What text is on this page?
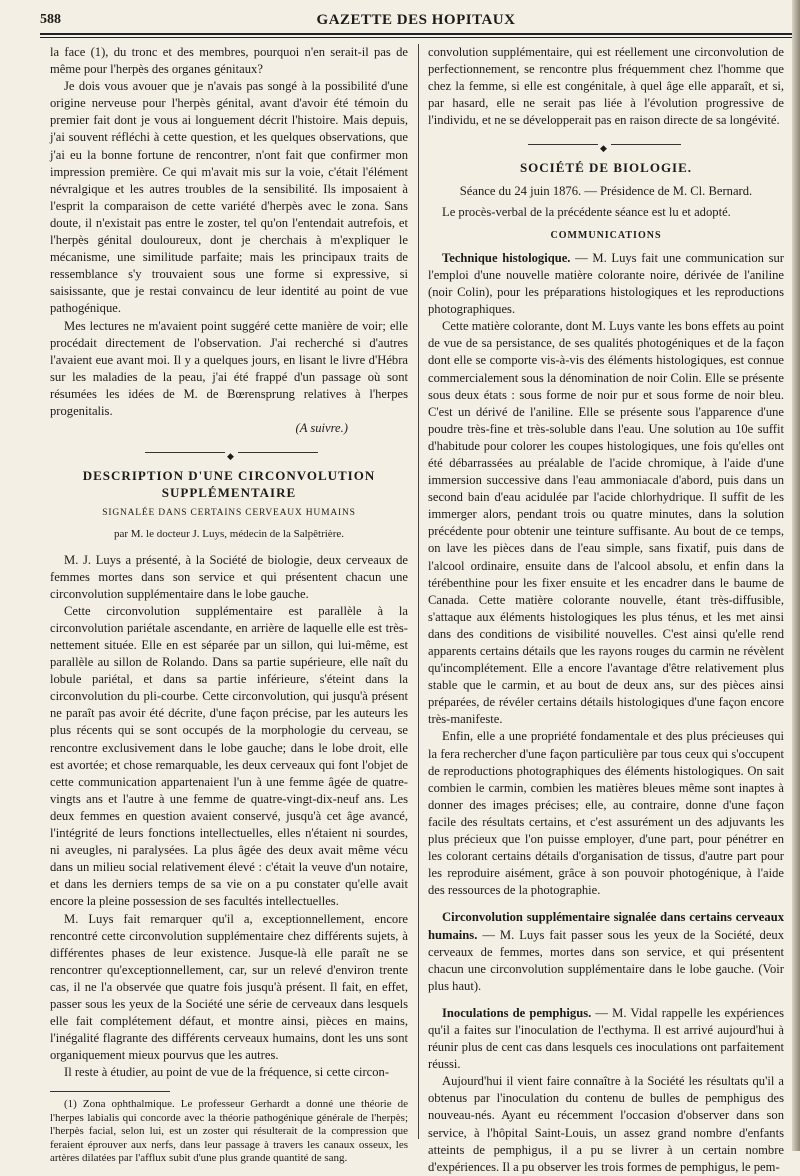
588	GAZETTE DES HOPITAUX

la face (1), du tronc et des membres, pourquoi n'en serait-il pas de même pour l'herpès des organes génitaux?

Je dois vous avouer que je n'avais pas songé à la possibilité d'une origine nerveuse pour l'herpès génital, avant d'avoir été témoin du premier fait dont je vous ai longuement décrit l'histoire. Mais depuis, j'ai souvent réfléchi à cette question, et les quelques observations, que j'ai eu la bonne fortune de rencontrer, n'ont fait que confirmer mon impression première. Ce qui m'avait mis sur la voie, c'était l'élément névralgique et les autres troubles de la sensibilité. Ils imposaient à l'esprit la comparaison de cette variété d'herpès avec le zona. Sans doute, il n'existait pas entre le zoster, tel qu'on l'entendait autrefois, et l'herpès génital douloureux, dont je cherchais à m'expliquer le mécanisme, une similitude parfaite; mais les principaux traits de ressemblance s'y trouvaient sous une forme si expressive, si saisissante, que je restai convaincu de leur identité au point de vue pathogénique.

Mes lectures ne m'avaient point suggéré cette manière de voir; elle procédait directement de l'observation. J'ai recherché si d'autres l'avaient eue avant moi. Il y a quelques jours, en lisant le livre d'Hébra sur les maladies de la peau, j'ai été frappé d'un passage où sont résumées les idées de M. de Bœrensprung relatives à l'herpes progenitalis.

(A suivre.)

◆
DESCRIPTION D'UNE CIRCONVOLUTION SUPPLÉMENTAIRE
SIGNALÉE DANS CERTAINS CERVEAUX HUMAINS
par M. le docteur J. Luys, médecin de la Salpêtrière.

M. J. Luys a présenté, à la Société de biologie, deux cerveaux de femmes mortes dans son service et qui présentent chacun une circonvolution supplémentaire dans le lobe gauche.

Cette circonvolution supplémentaire est parallèle à la circonvolution pariétale ascendante, en arrière de laquelle elle est très-nettement située. Elle en est séparée par un sillon, qui lui-même, est parallèle au sillon de Rolando. Dans sa partie supérieure, elle naît du lobule pariétal, et dans sa partie inférieure, s'éteint dans la circonvolution du pli-courbe. Cette circonvolution, qui jusqu'à présent ne paraît pas avoir été décrite, d'une façon précise, par les auteurs les plus récents qui se sont occupés de la morphologie du cerveau, se rencontre exclusivement dans le lobe gauche; dans le lobe droit, elle est avortée; et chose remarquable, les deux cerveaux qui font l'objet de cette communication appartenaient l'un à une femme âgée de quatre-vingts ans et l'autre à une femme de quatre-vingt-dix-neuf ans. Les deux femmes en question avaient conservé, jusqu'à cet âge avancé, l'intégrité de leurs fonctions intellectuelles, elles n'étaient ni sourdes, ni aveugles, ni paralysées. La plus âgée des deux avait même vécu dans un milieu social relativement élevé : c'était la veuve d'un notaire, et dans les derniers temps de sa vie on a pu constater qu'elle avait encore la pleine possession de ses facultés intellectuelles.

M. Luys fait remarquer qu'il a, exceptionnellement, encore rencontré cette circonvolution supplémentaire chez différents sujets, à différentes phases de leur existence. Jusque-là elle paraît ne se rencontrer qu'exceptionnellement, car, sur un relevé d'environ trente cas, il ne l'a observée que quatre fois jusqu'à présent. Il fait, en effet, passer sous les yeux de la Société une série de cerveaux dans lesquels elle fait complétement défaut, et montre ainsi, pièces en mains, l'inégalité flagrante des différents cerveaux humains, dont les uns sont organiquement mieux pourvus que les autres.

Il reste à étudier, au point de vue de la fréquence, si cette circon-

(1) Zona ophthalmique. Le professeur Gerhardt a donné une théorie de l'herpes labialis qui concorde avec la théorie pathogénique générale de l'herpès; l'herpès facial, selon lui, est un zoster qui résulterait de la compression que feraient éprouver aux nerfs, dans leur passage à travers les canaux osseux, les artères dilatées par l'afflux subit d'une plus grande quantité de sang.

convolution supplémentaire, qui est réellement une circonvolution de perfectionnement, se rencontre plus fréquemment chez l'homme que chez la femme, si elle est congénitale, à quel âge elle apparaît, et si, par hasard, elle ne serait pas liée à l'évolution progressive de l'individu, et ne se développerait pas en raison directe de sa longévité.

◆
SOCIÉTÉ DE BIOLOGIE.

Séance du 24 juin 1876. — Présidence de M. Cl. Bernard.

Le procès-verbal de la précédente séance est lu et adopté.

COMMUNICATIONS

Technique histologique. — M. Luys fait une communication sur l'emploi d'une nouvelle matière colorante noire, dérivée de l'aniline (noir Colin), pour les préparations histologiques et les reproductions photographiques.

Cette matière colorante, dont M. Luys vante les bons effets au point de vue de sa persistance, de ses qualités photogéniques et de la façon dont elle se comporte vis-à-vis des éléments histologiques, est connue commercialement sous la dénomination de noir Colin. Elle se présente sous deux états : sous forme de noir pur et sous forme de noir bleu. C'est un dérivé de l'aniline. Elle se présente sous l'apparence d'une poudre très-fine et très-soluble dans l'eau. Une solution au 10e suffit d'habitude pour colorer les coupes histologiques, une fois qu'elles ont été débarrassées au préalable de l'acide chromique, à l'aide d'une immersion successive dans l'eau ammoniacale d'abord, puis dans un second bain d'eau acidulée par l'acide chlorhydrique. Il suffit de les immerger alors, pendant trois ou quatre minutes, dans la solution précédente pour obtenir une teinture suffisante. Au bout de ce temps, on lave les pièces dans de l'eau simple, sans fixatif, puis dans de l'alcool ordinaire, ensuite dans de l'alcool absolu, et enfin dans la térébenthine pour les fixer ensuite et les encadrer dans le baume de Canada. Cette matière colorante nouvelle, étant très-diffusible, s'attaque aux éléments histologiques les plus ténus, et les met ainsi dans des conditions de visibilité nouvelles. C'est ainsi qu'elle rend apparents certains détails que les rayons rouges du carmin ne révèlent qu'incomplétement. Elle a encore l'avantage d'être relativement plus stable que le carmin, et au bout de deux ans, sur des pièces ainsi préparées, de révéler certains détails histologiques d'une façon encore très-manifeste.

Enfin, elle a une propriété fondamentale et des plus précieuses qui la fera rechercher d'une façon particulière par tous ceux qui s'occupent de reproductions photographiques des éléments histologiques. On sait combien le carmin, combien les matières bleues même sont inaptes à donner des images précises; elle, au contraire, donne d'une façon facile des résultats certains, et c'est assurément un des adjuvants les plus précieux que l'on puisse employer, d'une part, pour pénétrer en les colorant certains détails d'organisation de tissus, d'autre part pour les reproduire aisément, grâce à son pouvoir photogénique, à l'aide des ressources de la photographie.

Circonvolution supplémentaire signalée dans certains cerveaux humains. — M. Luys fait passer sous les yeux de la Société, deux cerveaux de femmes, mortes dans son service, et qui présentent chacun une circonvolution supplémentaire dans le lobe gauche. (Voir plus haut).

Inoculations de pemphigus. — M. Vidal rappelle les expériences qu'il a faites sur l'inoculation de l'ecthyma. Il est arrivé aujourd'hui à réunir plus de cent cas dans lesquels ces inoculations ont parfaitement réussi.

Aujourd'hui il vient faire connaître à la Société les résultats qu'il a obtenus par l'inoculation du contenu de bulles de pemphigus des nouveau-nés. Ayant eu récemment l'occasion d'observer dans son service, à l'hôpital Saint-Louis, un assez grand nombre d'enfants atteints de pemphigus, il a pu se livrer à un certain nombre d'expériences. Il a pu observer les trois formes de pemphigus, le pem-
